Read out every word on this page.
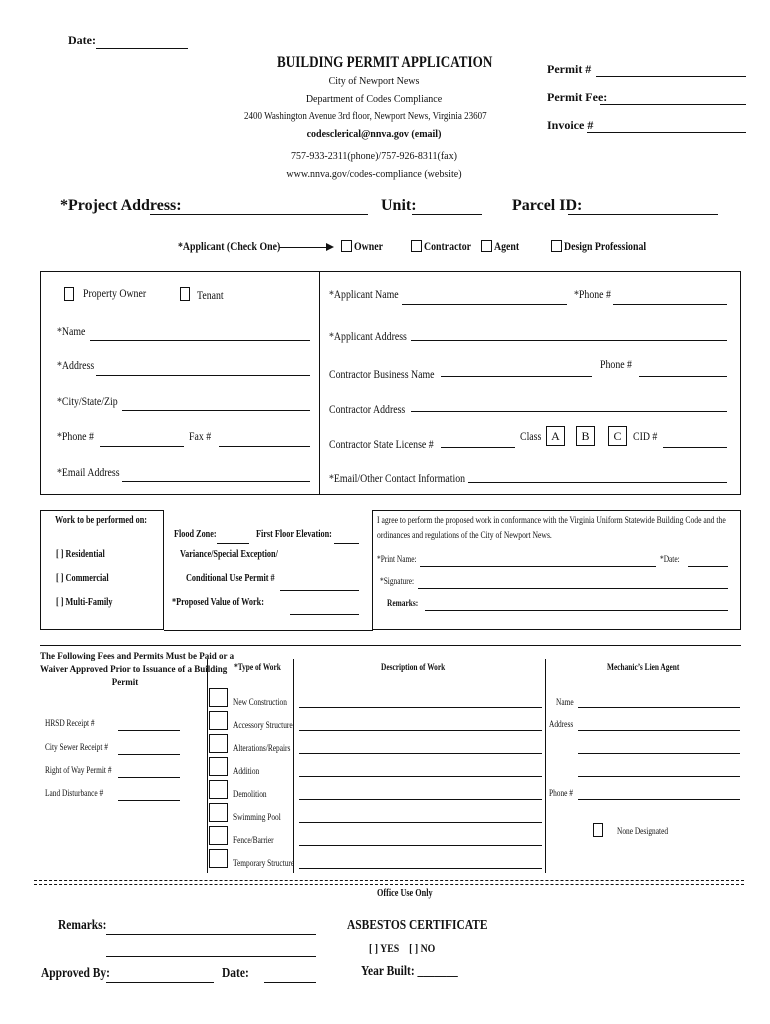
Date:
BUILDING PERMIT APPLICATION
City of Newport News
Department of Codes Compliance
2400 Washington Avenue 3rd floor, Newport News, Virginia 23607
codesclerical@nnva.gov (email)
757-933-2311(phone)/757-926-8311(fax)
www.nnva.gov/codes-compliance (website)
Permit #
Permit Fee:
Invoice #
*Project Address:	Unit:	Parcel ID:
*Applicant (Check One)	Owner	Contractor	Agent	Design Professional
Property Owner	Tenant
*Name
*Address
*City/State/Zip
*Phone #	Fax #
*Email Address
*Applicant Name	*Phone #
*Applicant Address
Contractor Business Name
Phone #
Contractor Address
Contractor State License #
Class A	B	C CID #
*Email/Other Contact Information
Work to be performed on:
[ ] Residential
[ ] Commercial
[ ] Multi-Family
Flood Zone:	First Floor Elevation:
Variance/Special Exception/
Conditional Use Permit #
*Proposed Value of Work:
I agree to perform the proposed work in conformance with the Virginia Uniform Statewide Building Code and the
ordinances and regulations of the City of Newport News.
*Print Name:	*Date:
*Signature:
Remarks:
The Following Fees and Permits Must be Paid or a
Waiver Approved Prior to Issuance of a Building
Permit
HRSD Receipt #
City Sewer Receipt #
Right of Way Permit #
Land Disturbance #
*Type of Work
New Construction
Accessory Structure
Alterations/Repairs
Addition
Demolition
Swimming Pool
Fence/Barrier
Temporary Structure
Description of Work	Mechanic’s Lien Agent
Name
Address
Phone #
None Designated
Office Use Only
Remarks:
Approved By:	Date:
ASBESTOS CERTIFICATE
[ ] YES    [ ] NO
Year Built: _______
